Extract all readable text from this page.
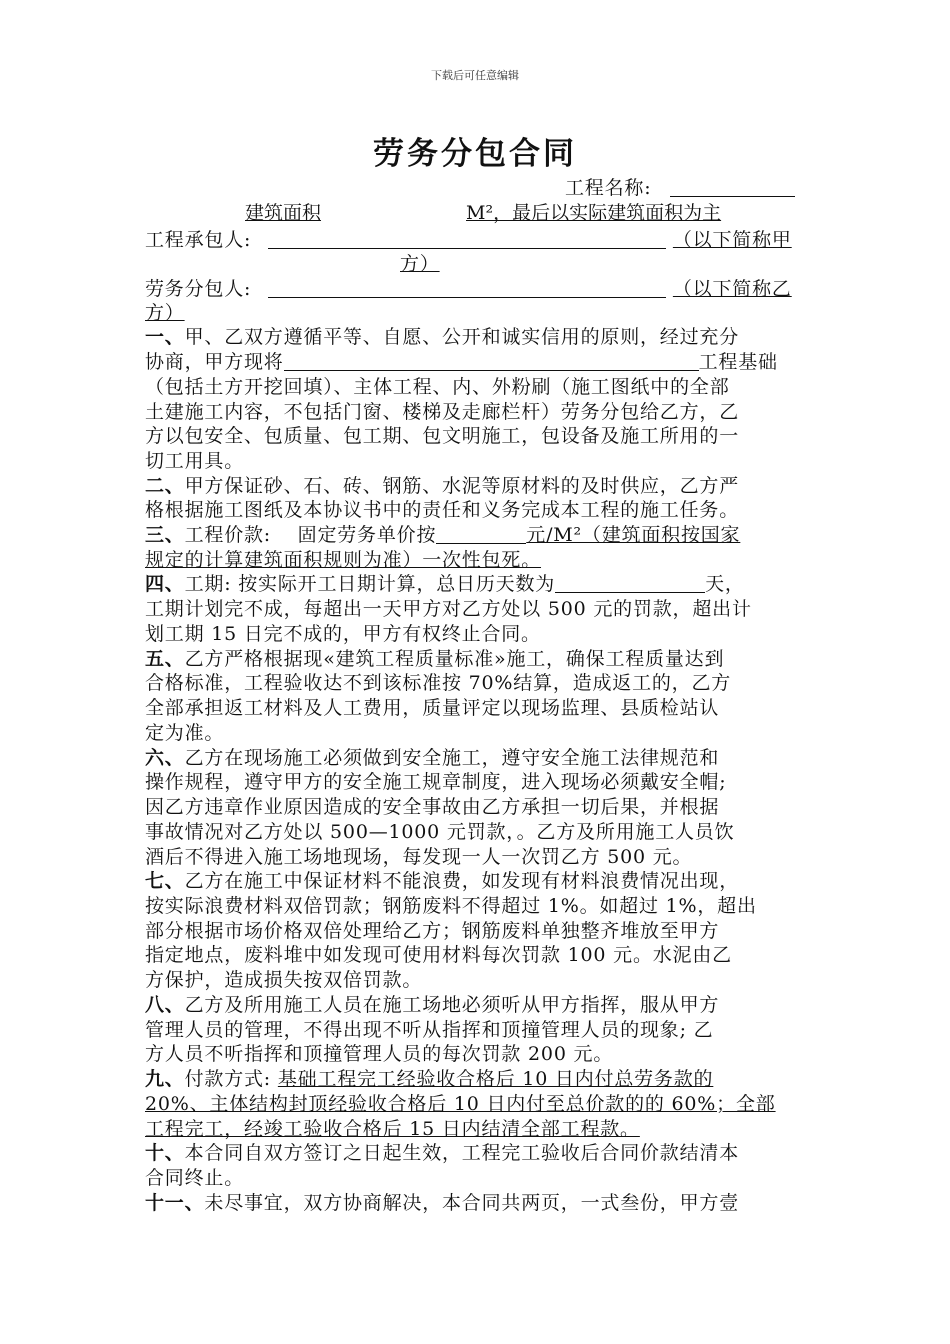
下载后可任意编辑
劳务分包合同
工程名称:
建筑面积	M²，最后以实际建筑面积为主
工程承包人:	（以下简称甲
方）
劳务分包人:	（以下简称乙
方）
一、甲、乙双方遵循平等、自愿、公开和诚实信用的原则，经过充分
协商，甲方现将	工程基础
（包括土方开挖回填）、主体工程、内、外粉刷（施工图纸中的全部
土建施工内容，不包括门窗、楼梯及走廊栏杆）劳务分包给乙方，乙
方以包安全、包质量、包工期、包文明施工，包设备及施工所用的一
切工用具。
二、甲方保证砂、石、砖、钢筋、水泥等原材料的及时供应，乙方严
格根据施工图纸及本协议书中的责任和义务完成本工程的施工任务。
三、工程价款:　 固定劳务单价按	元/M²（建筑面积按国家
规定的计算建筑面积规则为准）一次性包死。
四、工期: 按实际开工日期计算，总日历天数为	天，
工期计划完不成，每超出一天甲方对乙方处以 500 元的罚款，超出计
划工期 15 日完不成的，甲方有权终止合同。
五、乙方严格根据现«建筑工程质量标准»施工，确保工程质量达到
合格标准，工程验收达不到该标准按 70%结算，造成返工的，乙方
全部承担返工材料及人工费用，质量评定以现场监理、县质检站认
定为准。
六、乙方在现场施工必须做到安全施工，遵守安全施工法律规范和
操作规程，遵守甲方的安全施工规章制度，进入现场必须戴安全帽;
因乙方违章作业原因造成的安全事故由乙方承担一切后果，并根据
事故情况对乙方处以 500—1000 元罚款，。乙方及所用施工人员饮
酒后不得进入施工场地现场，每发现一人一次罚乙方 500 元。
七、乙方在施工中保证材料不能浪费，如发现有材料浪费情况出现，
按实际浪费材料双倍罚款；钢筋废料不得超过 1%。如超过 1%，超出
部分根据市场价格双倍处理给乙方；钢筋废料单独整齐堆放至甲方
指定地点，废料堆中如发现可使用材料每次罚款 100 元。水泥由乙
方保护，造成损失按双倍罚款。
八、乙方及所用施工人员在施工场地必须听从甲方指挥，服从甲方
管理人员的管理，不得出现不听从指挥和顶撞管理人员的现象; 乙
方人员不听指挥和顶撞管理人员的每次罚款 200 元。
九、付款方式: 基础工程完工经验收合格后 10 日内付总劳务款的
20%、主体结构封顶经验收合格后 10 日内付至总价款的的 60%；全部
工程完工，经竣工验收合格后 15 日内结清全部工程款。
十、本合同自双方签订之日起生效，工程完工验收后合同价款结清本
合同终止。
十一、未尽事宜，双方协商解决，本合同共两页，一式叁份，甲方壹
